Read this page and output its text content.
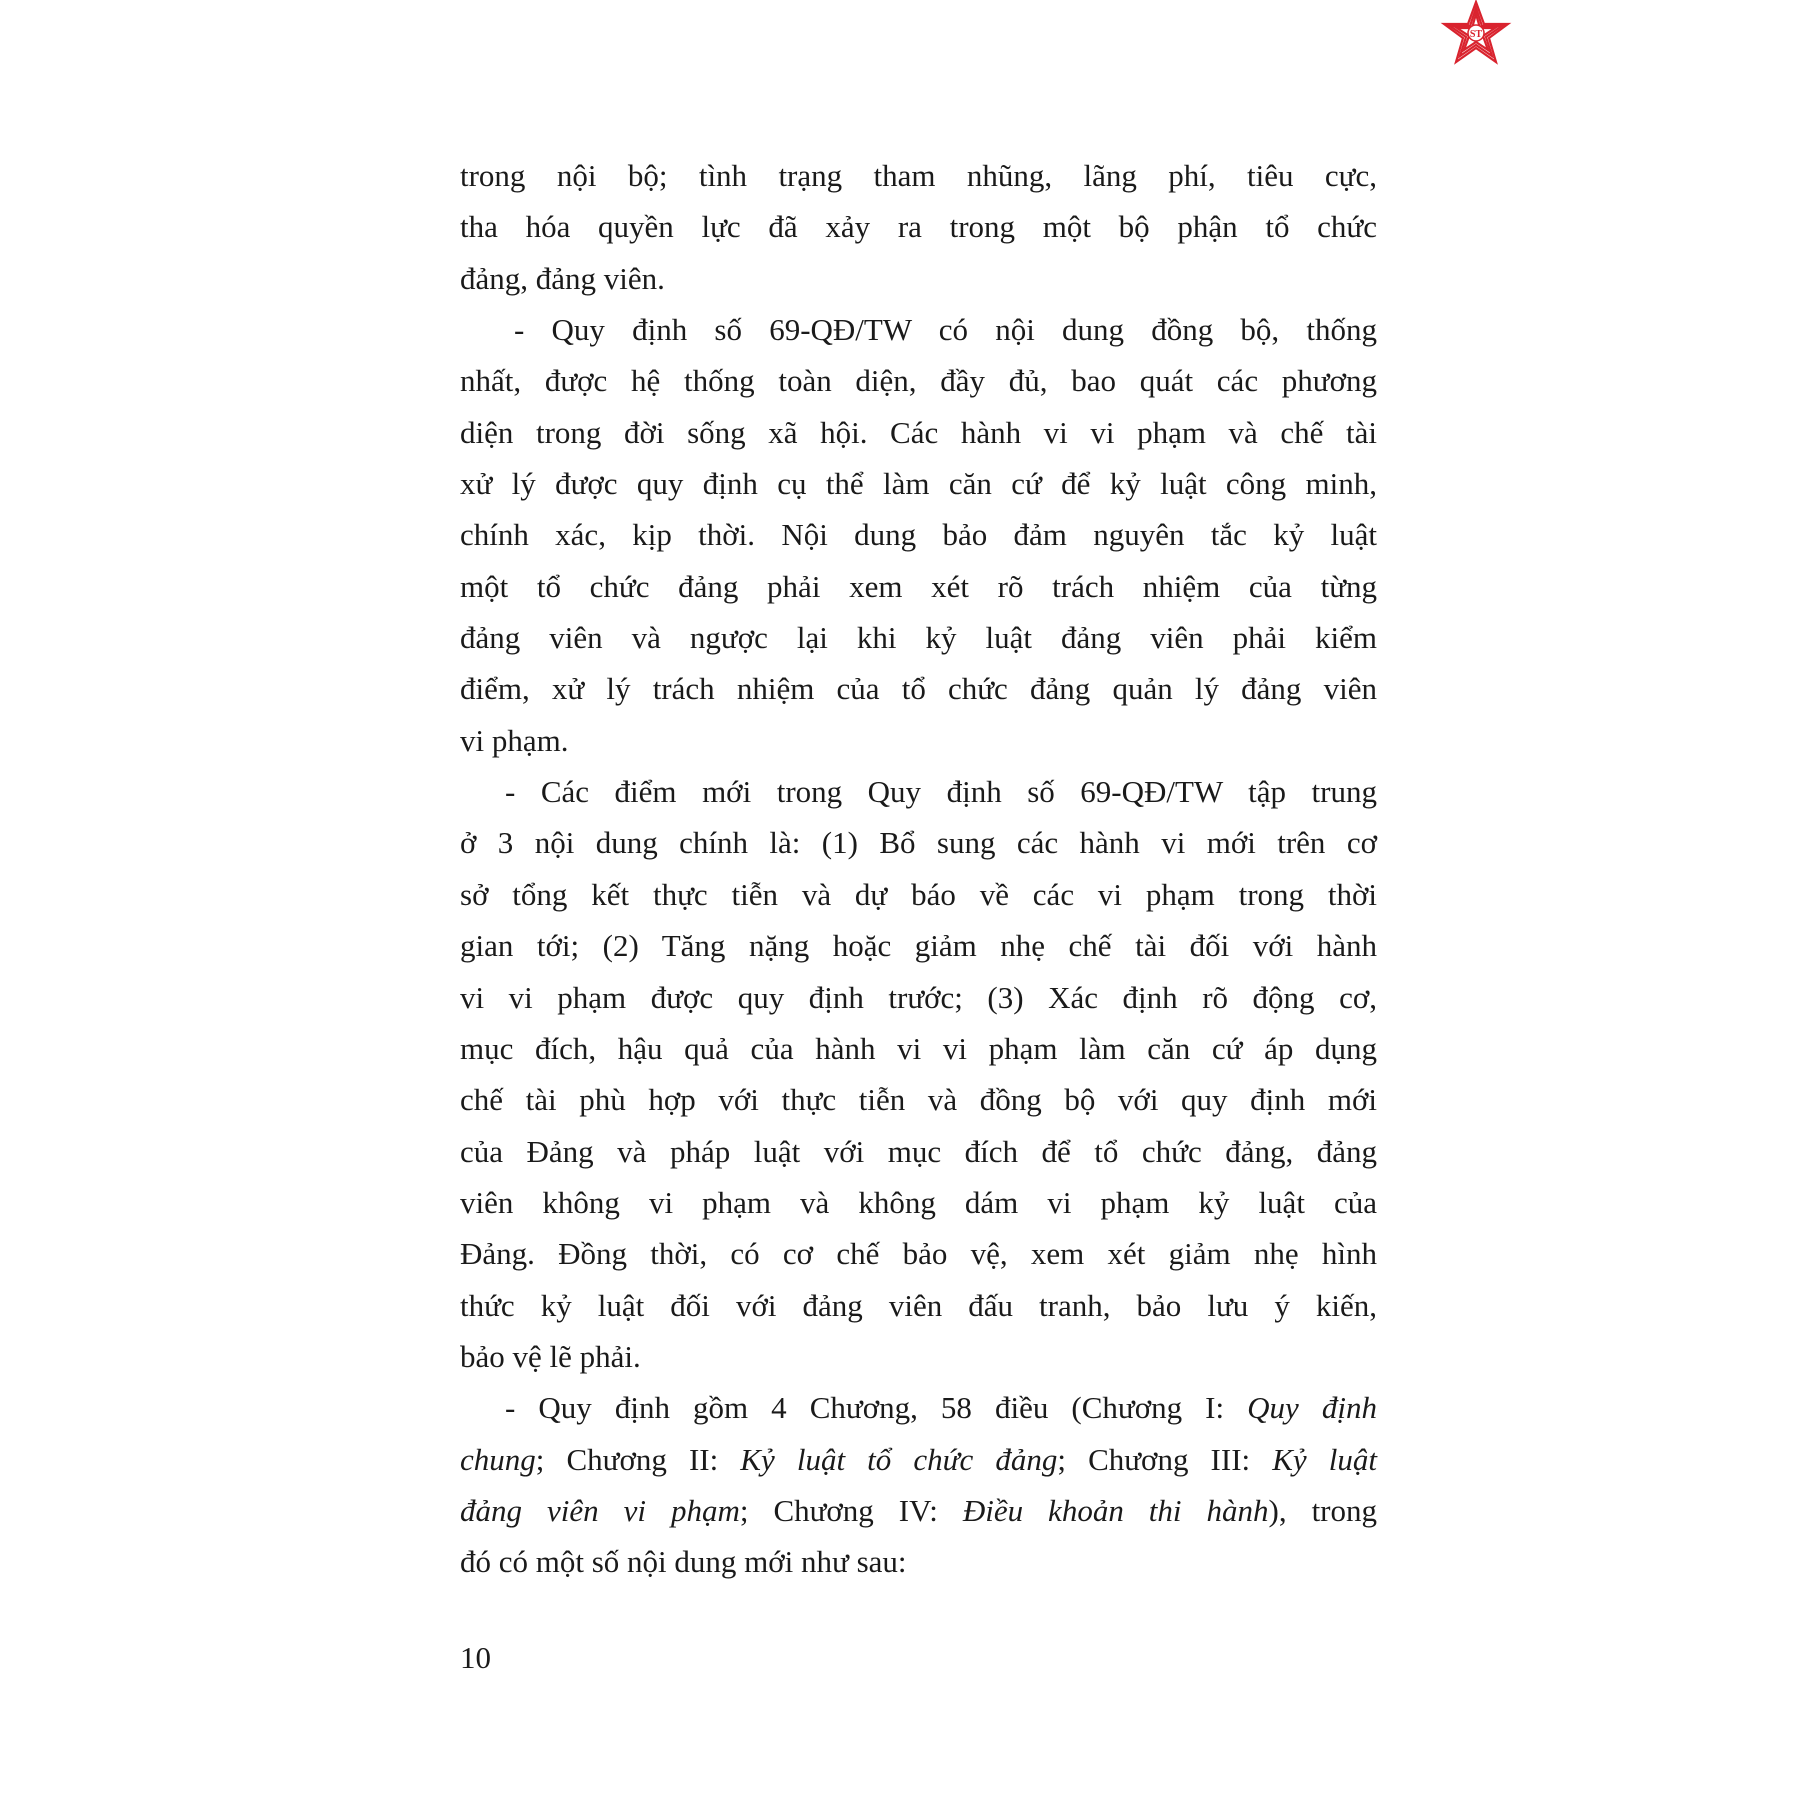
ST
trong nội bộ; tình trạng tham nhũng, lãng phí, tiêu cực,
tha hóa quyền lực đã xảy ra trong một bộ phận tổ chức
đảng, đảng viên.
- Quy định số 69-QĐ/TW có nội dung đồng bộ, thống
nhất, được hệ thống toàn diện, đầy đủ, bao quát các phương
diện trong đời sống xã hội. Các hành vi vi phạm và chế tài
xử lý được quy định cụ thể làm căn cứ để kỷ luật công minh,
chính xác, kịp thời. Nội dung bảo đảm nguyên tắc kỷ luật
một tổ chức đảng phải xem xét rõ trách nhiệm của từng
đảng viên và ngược lại khi kỷ luật đảng viên phải kiểm
điểm, xử lý trách nhiệm của tổ chức đảng quản lý đảng viên
vi phạm.
- Các điểm mới trong Quy định số 69-QĐ/TW tập trung
ở 3 nội dung chính là: (1) Bổ sung các hành vi mới trên cơ
sở tổng kết thực tiễn và dự báo về các vi phạm trong thời
gian tới; (2) Tăng nặng hoặc giảm nhẹ chế tài đối với hành
vi vi phạm được quy định trước; (3) Xác định rõ động cơ,
mục đích, hậu quả của hành vi vi phạm làm căn cứ áp dụng
chế tài phù hợp với thực tiễn và đồng bộ với quy định mới
của Đảng và pháp luật với mục đích để tổ chức đảng, đảng
viên không vi phạm và không dám vi phạm kỷ luật của
Đảng. Đồng thời, có cơ chế bảo vệ, xem xét giảm nhẹ hình
thức kỷ luật đối với đảng viên đấu tranh, bảo lưu ý kiến,
bảo vệ lẽ phải.
- Quy định gồm 4 Chương, 58 điều (Chương I: Quy định
chung; Chương II: Kỷ luật tổ chức đảng; Chương III: Kỷ luật
đảng viên vi phạm; Chương IV: Điều khoản thi hành), trong
đó có một số nội dung mới như sau:
10
